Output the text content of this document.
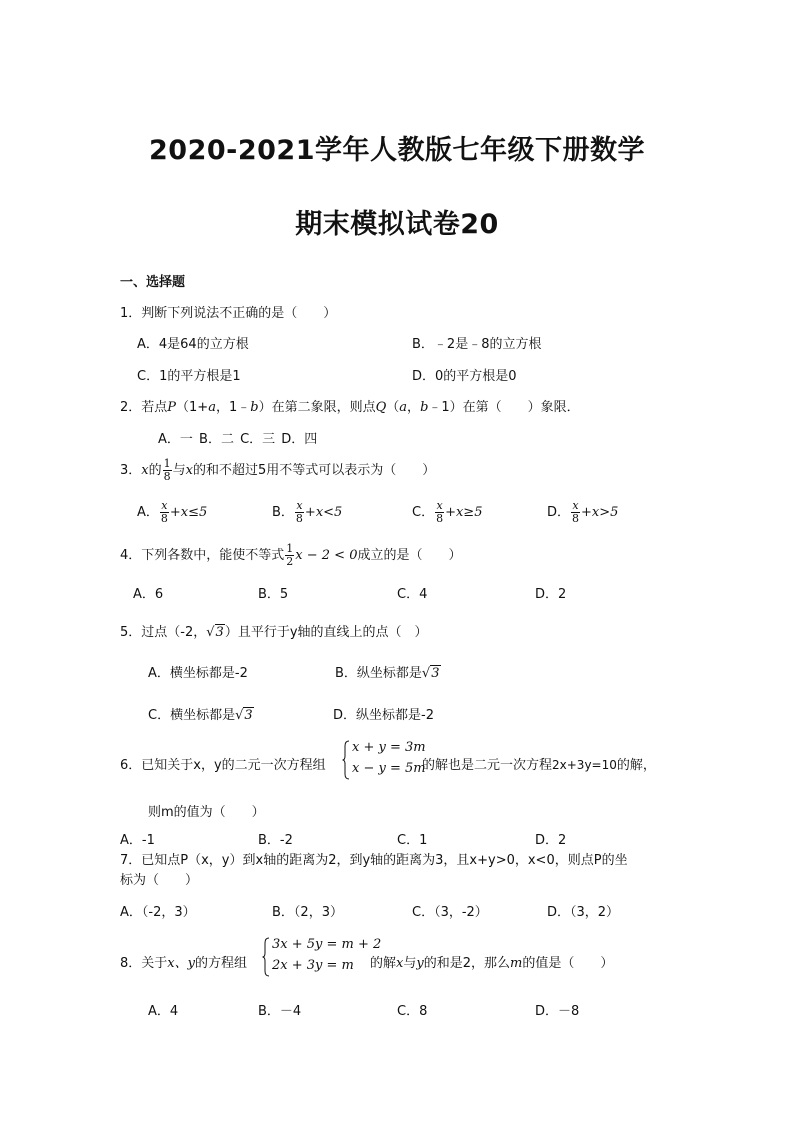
2020-2021学年人教版七年级下册数学
期末模拟试卷20
一、选择题
1．判断下列说法不正确的是（　　）
A．4是64的立方根	B．﹣2是﹣8的立方根
C．1的平方根是1	D．0的平方根是0
2．若点P（1+a，1﹣b）在第二象限，则点Q（a，b﹣1）在第（　　）象限．
A．一 B．二 C．三 D．四
3．x的 $\frac{1}{8}$ 与x的和不超过5用不等式可以表示为（　　）
A． $\frac{x}{8} +x\le 5$	B． $\frac{x}{8} +x<5$	C． $\frac{x}{8} +x\ge 5$	D． $\frac{x}{8} +x>5$
4．下列各数中，能使不等式 $\frac{1}{2}$ x − 2 < 0成立的是（　　）
A．6	B．5	C．4	D．2
5．过点（-2，√3）且平行于y轴的直线上的点（　）
A．横坐标都是-2	B．纵坐标都是√3
C．横坐标都是√3	D．纵坐标都是-2
6．已知关于x，y的二元一次方程组
x + y = 3m
x − y = 5m
的解也是二元一次方程2x+3y=10的解，
则m的值为（　　）
A．-1	B．-2	C．1	D．2
7．已知点P（x，y）到x轴的距离为2，到y轴的距离为3，且x+y>0，x<0，则点P的坐
标为（　　）
A．（-2，3）	B．（2，3）	C．（3，-2）	D．（3，2）
8．关于x、y的方程组
3x + 5y = m + 2
2x + 3y = m 的解x与y的和是2，那么m的值是（　　）
A．4	B．－4	C．8	D．－8
